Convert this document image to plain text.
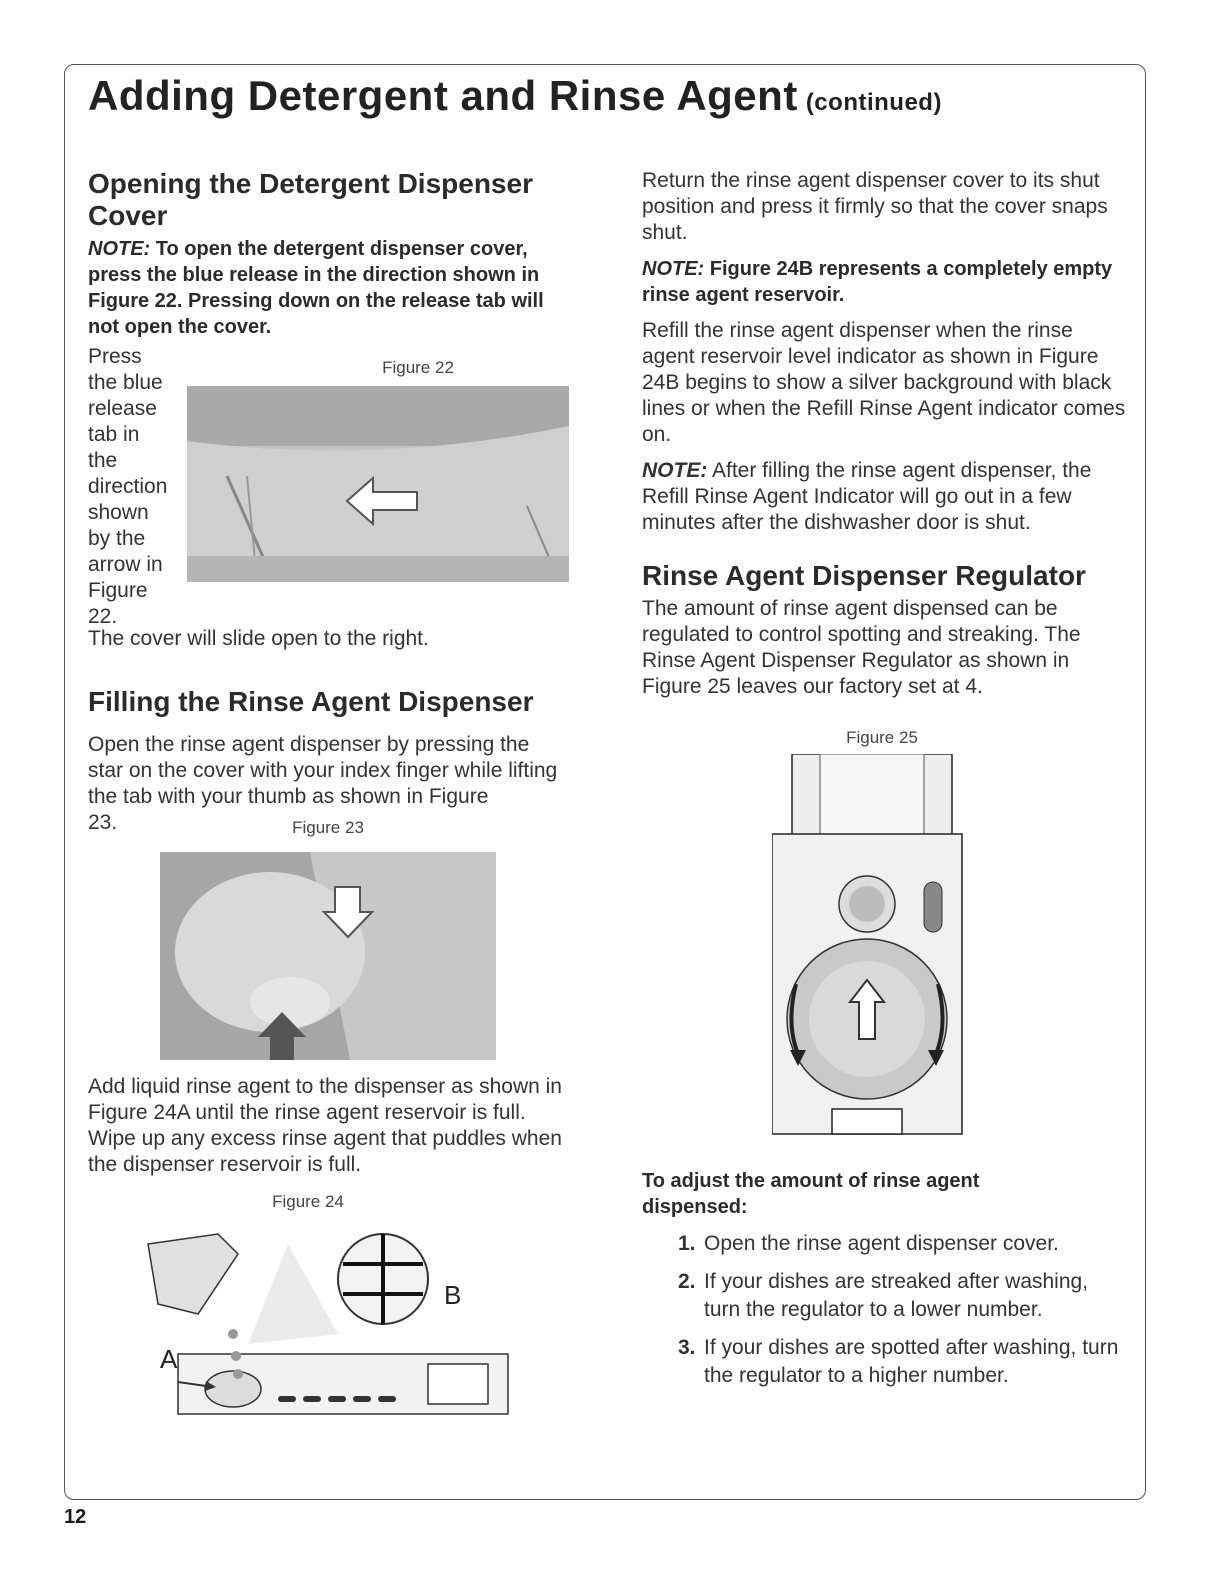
Adding Detergent and Rinse Agent (continued)
Opening the Detergent Dispenser Cover

NOTE: To open the detergent dispenser cover, press the blue release in the direction shown in Figure 22. Pressing down on the release tab will not open the cover.

Press
the blue
release
tab in
the
direction
shown
by the
arrow in
Figure
22.
Figure 22

The cover will slide open to the right.

Filling the Rinse Agent Dispenser

Open the rinse agent dispenser by pressing the star on the cover with your index finger while lifting the tab with your thumb as shown in Figure

23.	Figure 23

Add liquid rinse agent to the dispenser as shown in Figure 24A until the rinse agent reservoir is full. Wipe up any excess rinse agent that puddles when the dispenser reservoir is full.

Figure 24
A
B

Return the rinse agent dispenser cover to its shut position and press it firmly so that the cover snaps shut.

NOTE: Figure 24B represents a completely empty rinse agent reservoir.

Refill the rinse agent dispenser when the rinse agent reservoir level indicator as shown in Figure 24B begins to show a silver background with black lines or when the Refill Rinse Agent indicator comes on.

NOTE: After filling the rinse agent dispenser, the Refill Rinse Agent Indicator will go out in a few minutes after the dishwasher door is shut.

Rinse Agent Dispenser Regulator

The amount of rinse agent dispensed can be regulated to control spotting and streaking. The Rinse Agent Dispenser Regulator as shown in Figure 25 leaves our factory set at 4.

Figure 25

To adjust the amount of rinse agent dispensed:

1. Open the rinse agent dispenser cover.
2. If your dishes are streaked after washing, turn the regulator to a lower number.
3. If your dishes are spotted after washing, turn the regulator to a higher number.

12
